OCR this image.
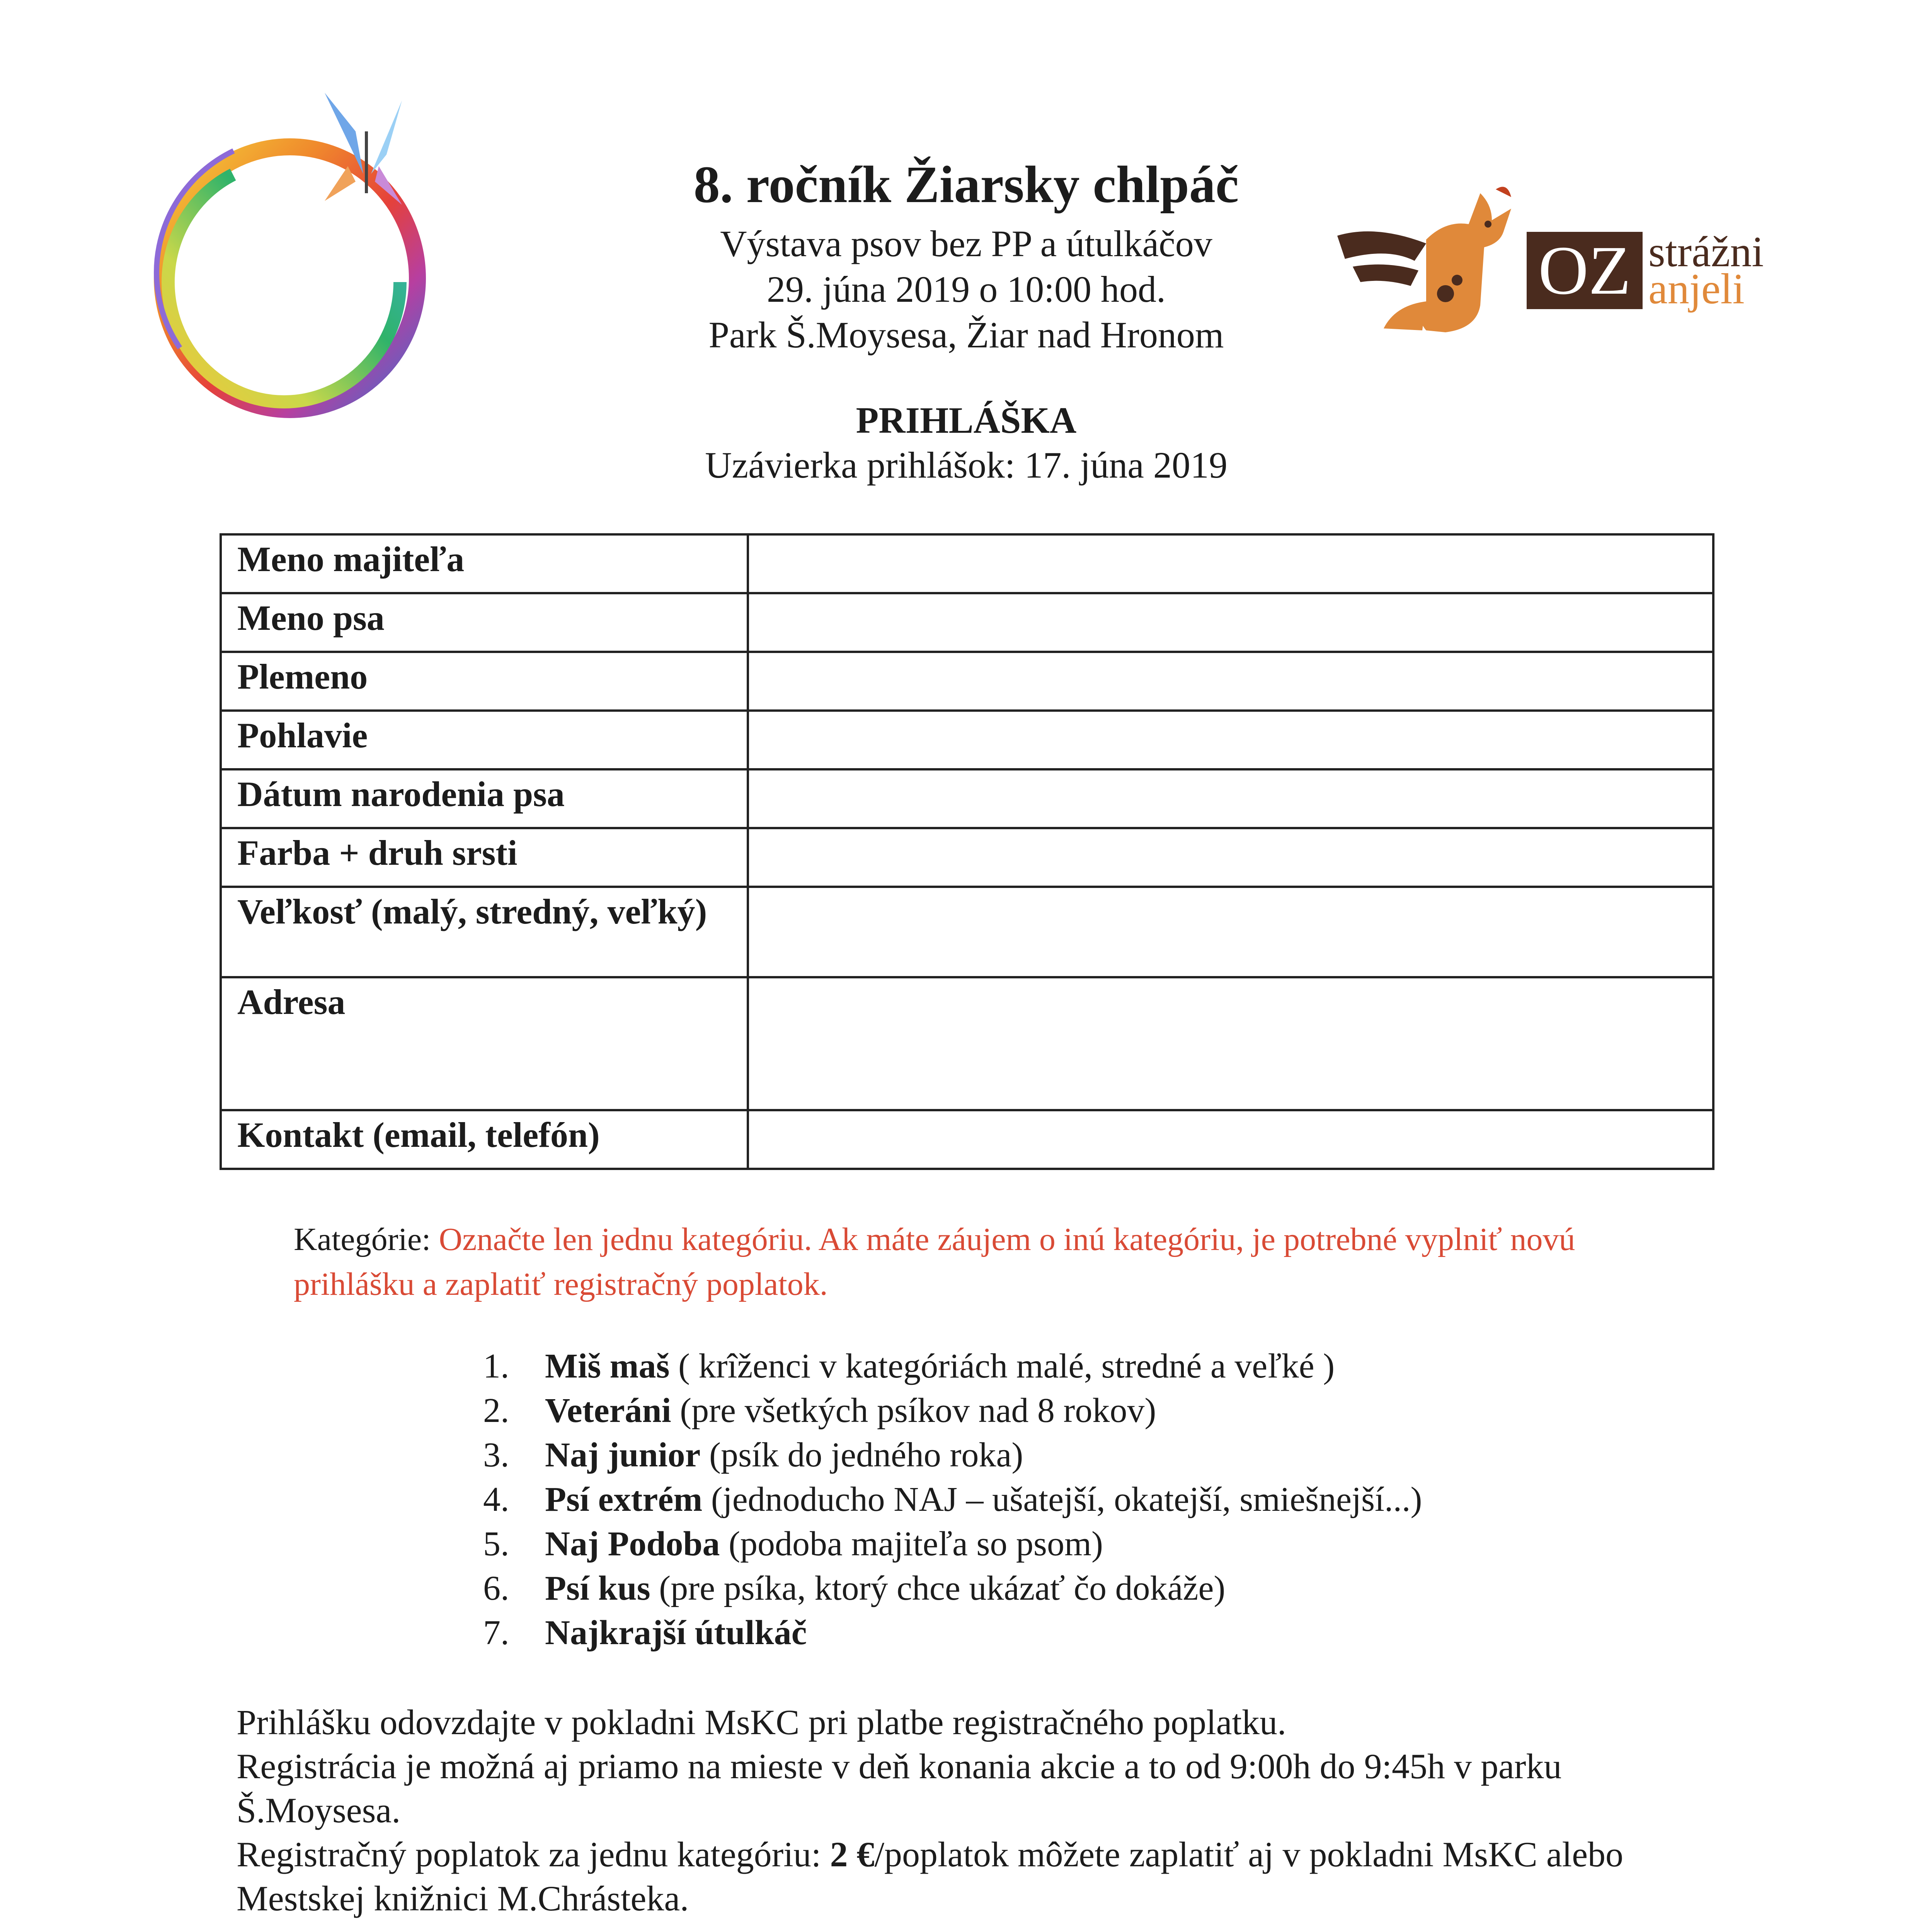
8. ročník Žiarsky chlpáč
Výstava psov bez PP a útulkáčov
29. júna 2019 o 10:00 hod.
Park Š.Moysesa, Žiar nad Hronom
OZ strážni
anjeli
PRIHLÁŠKA
Uzávierka prihlášok: 17. júna 2019
Meno majiteľa	
Meno psa	
Plemeno	
Pohlavie	
Dátum narodenia psa	
Farba + druh srsti	
Veľkosť (malý, stredný, veľký)	
Adresa	
Kontakt (email, telefón)	
Kategórie: Označte len jednu kategóriu. Ak máte záujem o inú kategóriu, je potrebné vyplniť novú prihlášku a zaplatiť registračný poplatok.
1.	Miš maš ( krîženci v kategóriách malé, stredné a veľké )
2.	Veteráni (pre všetkých psíkov nad 8 rokov)
3.	Naj junior (psík do jedného roka)
4.	Psí extrém (jednoducho NAJ – ušatejší, okatejší, smiešnejší...)
5.	Naj Podoba (podoba majiteľa so psom)
6.	Psí kus (pre psíka, ktorý chce ukázať čo dokáže)
7.	Najkrajší útulkáč
Prihlášku odovzdajte v pokladni MsKC pri platbe registračného poplatku.
Registrácia je možná aj priamo na mieste v deň konania akcie a to od 9:00h do 9:45h v parku Š.Moysesa.
Registračný poplatok za jednu kategóriu: 2 €/poplatok môžete zaplatiť aj v pokladni MsKC alebo Mestskej knižnici M.Chrásteka.
